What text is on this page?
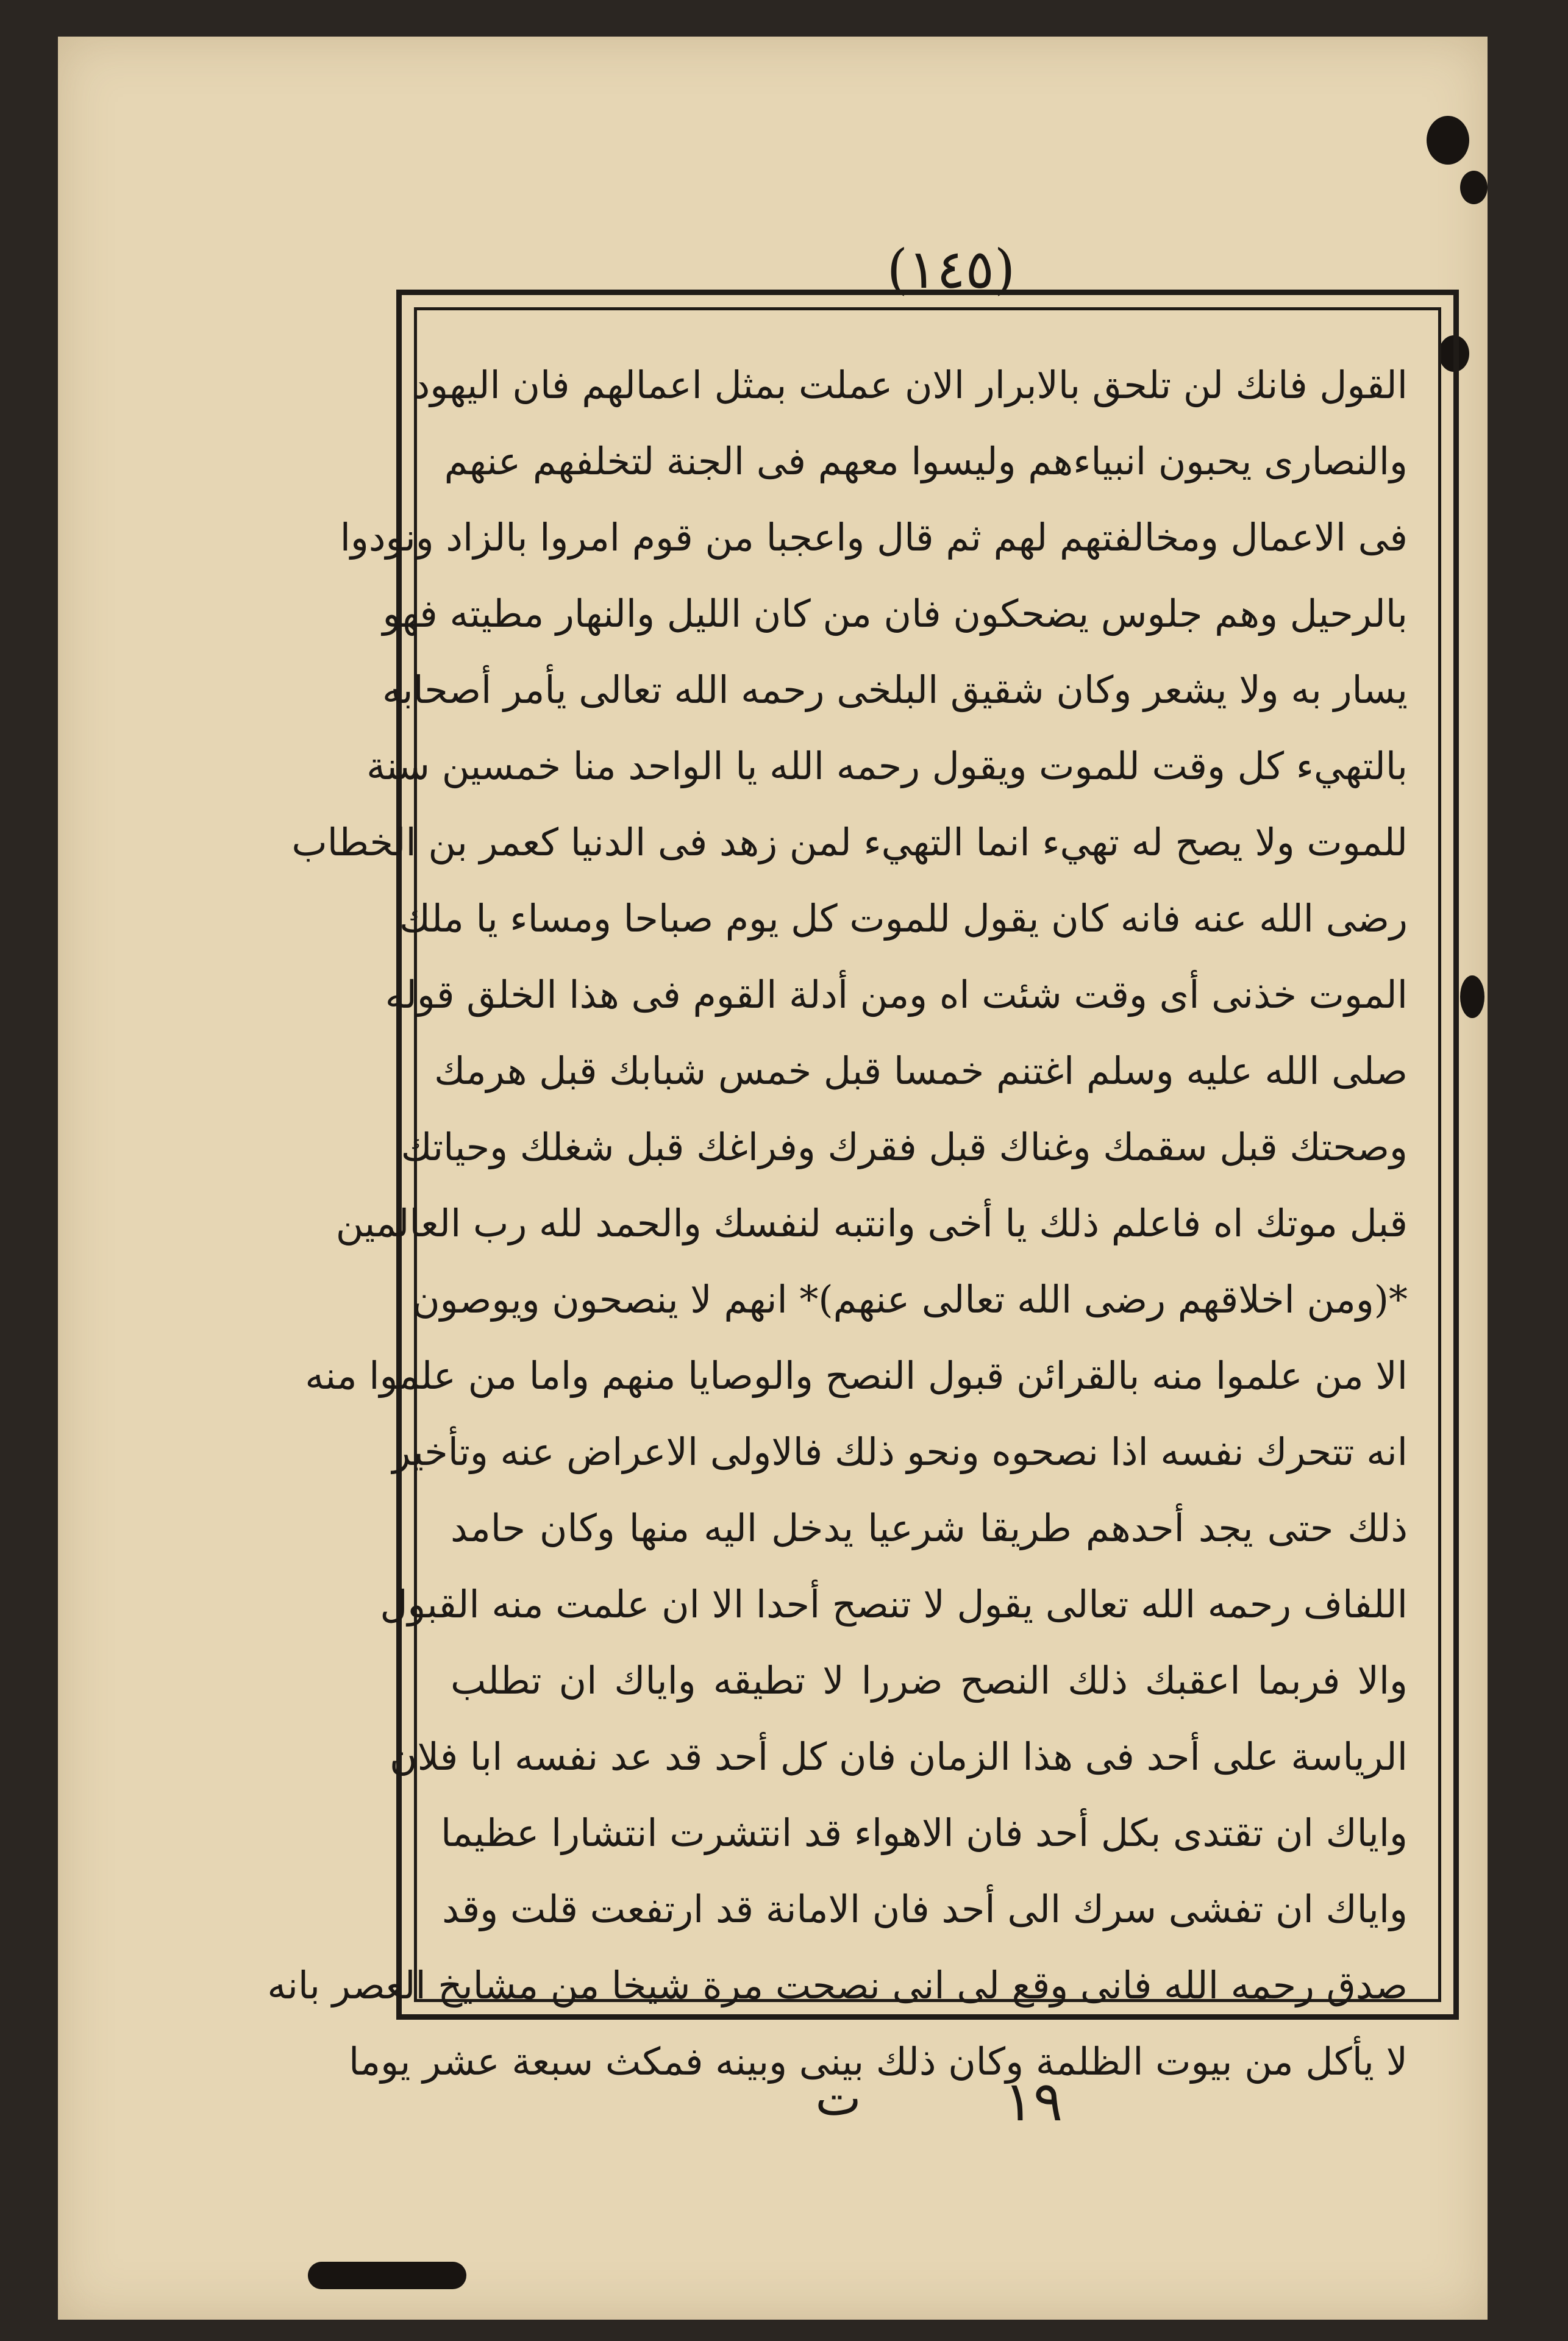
(١٤٥)
القول فانك لن تلحق بالابرار الان عملت بمثل اعمالهم فان اليهود
والنصارى يحبون انبياءهم وليسوا معهم فى الجنة لتخلفهم عنهم
فى الاعمال ومخالفتهم لهم ثم قال واعجبا من قوم امروا بالزاد ونودوا
بالرحيل وهم جلوس يضحكون فان من كان الليل والنهار مطيته فهو
يسار به ولا يشعر وكان شقيق البلخى رحمه الله تعالى يأمر أصحابه
بالتهيء كل وقت للموت ويقول رحمه الله يا الواحد منا خمسين سنة
للموت ولا يصح له تهيء انما التهيء لمن زهد فى الدنيا كعمر بن الخطاب
رضى الله عنه فانه كان يقول للموت كل يوم صباحا ومساء يا ملك
الموت خذنى أى وقت شئت اه ومن أدلة القوم فى هذا الخلق قوله
صلى الله عليه وسلم اغتنم خمسا قبل خمس شبابك قبل هرمك
وصحتك قبل سقمك وغناك قبل فقرك وفراغك قبل شغلك وحياتك
قبل موتك اه فاعلم ذلك يا أخى وانتبه لنفسك والحمد لله رب العالمين
*(ومن اخلاقهم رضى الله تعالى عنهم)* انهم لا ينصحون ويوصون
الا من علموا منه بالقرائن قبول النصح والوصايا منهم واما من علموا منه
انه تتحرك نفسه اذا نصحوه ونحو ذلك فالاولى الاعراض عنه وتأخير
ذلك حتى يجد أحدهم طريقا شرعيا يدخل اليه منها وكان حامد
اللفاف رحمه الله تعالى يقول لا تنصح أحدا الا ان علمت منه القبول
والا فربما اعقبك ذلك النصح ضررا لا تطيقه واياك ان تطلب
الرياسة على أحد فى هذا الزمان فان كل أحد قد عد نفسه ابا فلان
واياك ان تقتدى بكل أحد فان الاهواء قد انتشرت انتشارا عظيما
واياك ان تفشى سرك الى أحد فان الامانة قد ارتفعت قلت وقد
صدق رحمه الله فانى وقع لى انى نصحت مرة شيخا من مشايخ العصر بانه
لا يأكل من بيوت الظلمة وكان ذلك بينى وبينه فمكث سبعة عشر يوما
ت	١٩
